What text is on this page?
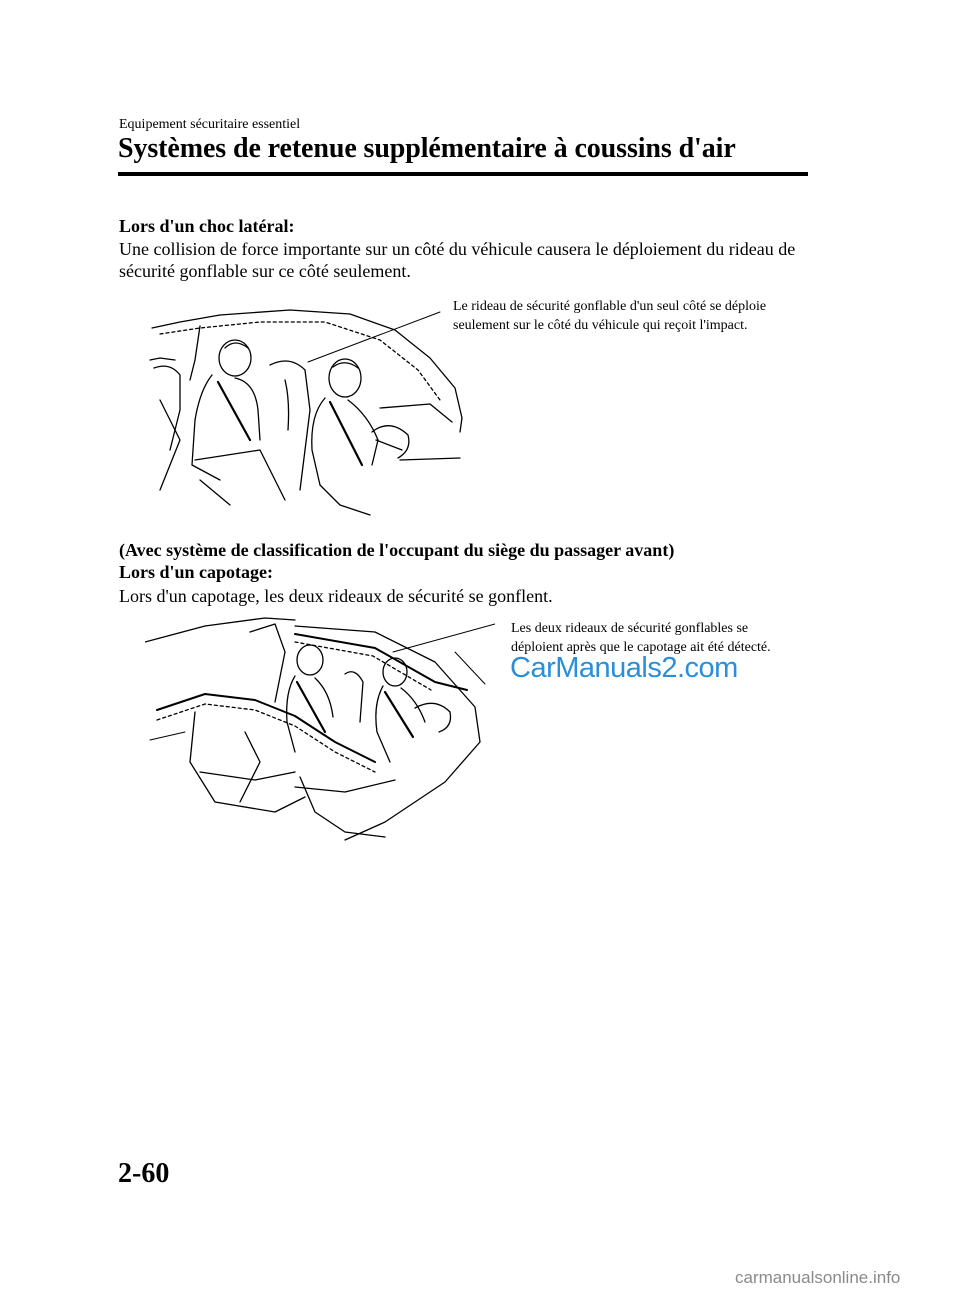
Equipement sécuritaire essentiel
Systèmes de retenue supplémentaire à coussins d'air
Lors d'un choc latéral:
Une collision de force importante sur un côté du véhicule causera le déploiement du rideau de sécurité gonflable sur ce côté seulement.
Le rideau de sécurité gonflable d'un seul côté se déploie seulement sur le côté du véhicule qui reçoit l'impact.
(Avec système de classification de l'occupant du siège du passager avant)
Lors d'un capotage:
Lors d'un capotage, les deux rideaux de sécurité se gonflent.
Les deux rideaux de sécurité gonflables se déploient après que le capotage ait été détecté.
CarManuals2.com
2-60
carmanualsonline.info
